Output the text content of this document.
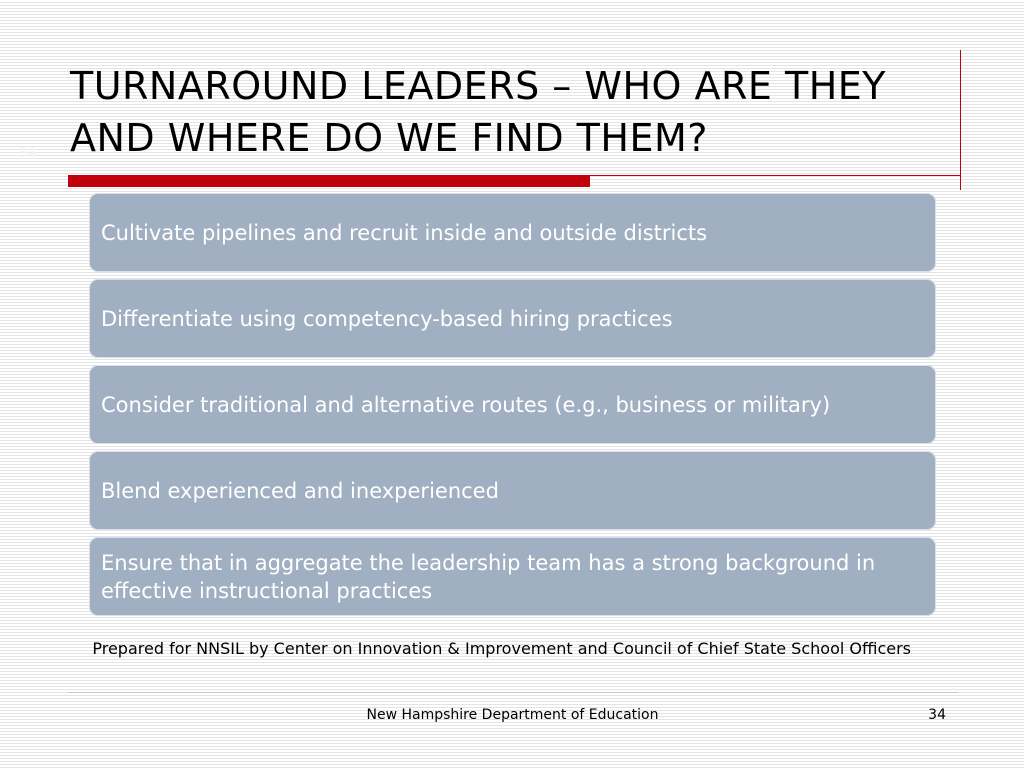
TURNAROUND LEADERS – WHO ARE THEY AND WHERE DO WE FIND THEM?
34
Cultivate pipelines and recruit inside and outside districts
Differentiate using competency-based hiring practices
Consider traditional and alternative routes (e.g., business or military)
Blend experienced and inexperienced
Ensure that in aggregate the leadership team has a strong background in effective instructional practices
Prepared for NNSIL by Center on Innovation & Improvement and Council of Chief State School Officers
New Hampshire Department of Education	34
